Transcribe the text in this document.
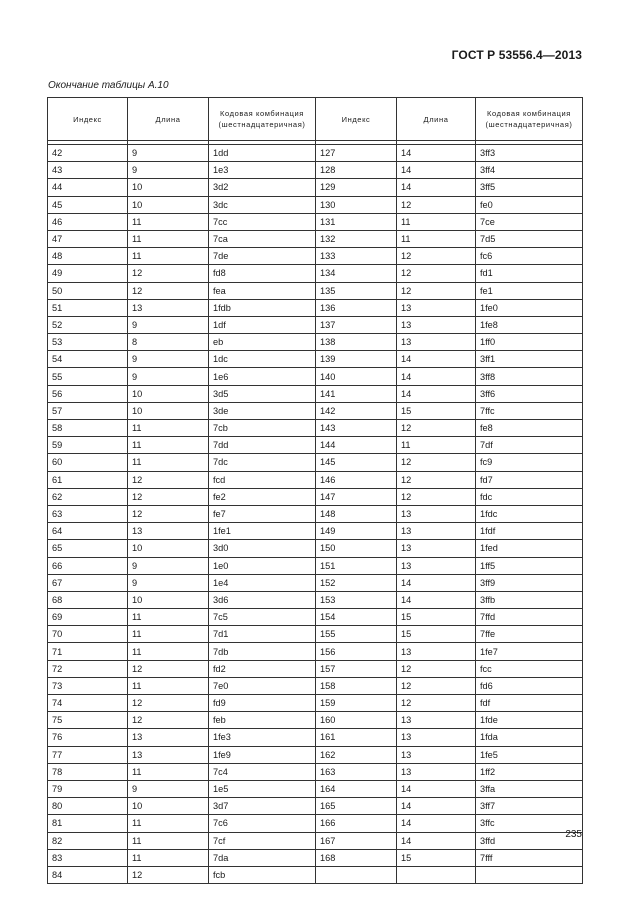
ГОСТ Р 53556.4—2013
Окончание таблицы А.10
Индекс	Длина	Кодовая комбинация (шестнадцатеричная)	Индекс	Длина	Кодовая комбинация (шестнадцатеричная)

42	9	1dd	127	14	3ff3
43	9	1e3	128	14	3ff4
44	10	3d2	129	14	3ff5
45	10	3dc	130	12	fe0
46	11	7cc	131	11	7ce
47	11	7ca	132	11	7d5
48	11	7de	133	12	fc6
49	12	fd8	134	12	fd1
50	12	fea	135	12	fe1
51	13	1fdb	136	13	1fe0
52	9	1df	137	13	1fe8
53	8	eb	138	13	1ff0
54	9	1dc	139	14	3ff1
55	9	1e6	140	14	3ff8
56	10	3d5	141	14	3ff6
57	10	3de	142	15	7ffc
58	11	7cb	143	12	fe8
59	11	7dd	144	11	7df
60	11	7dc	145	12	fc9
61	12	fcd	146	12	fd7
62	12	fe2	147	12	fdc
63	12	fe7	148	13	1fdc
64	13	1fe1	149	13	1fdf
65	10	3d0	150	13	1fed
66	9	1e0	151	13	1ff5
67	9	1e4	152	14	3ff9
68	10	3d6	153	14	3ffb
69	11	7c5	154	15	7ffd
70	11	7d1	155	15	7ffe
71	11	7db	156	13	1fe7
72	12	fd2	157	12	fcc
73	11	7e0	158	12	fd6
74	12	fd9	159	12	fdf
75	12	feb	160	13	1fde
76	13	1fe3	161	13	1fda
77	13	1fe9	162	13	1fe5
78	11	7c4	163	13	1ff2
79	9	1e5	164	14	3ffa
80	10	3d7	165	14	3ff7
81	11	7c6	166	14	3ffc
82	11	7cf	167	14	3ffd
83	11	7da	168	15	7fff
84	12	fcb			
235
